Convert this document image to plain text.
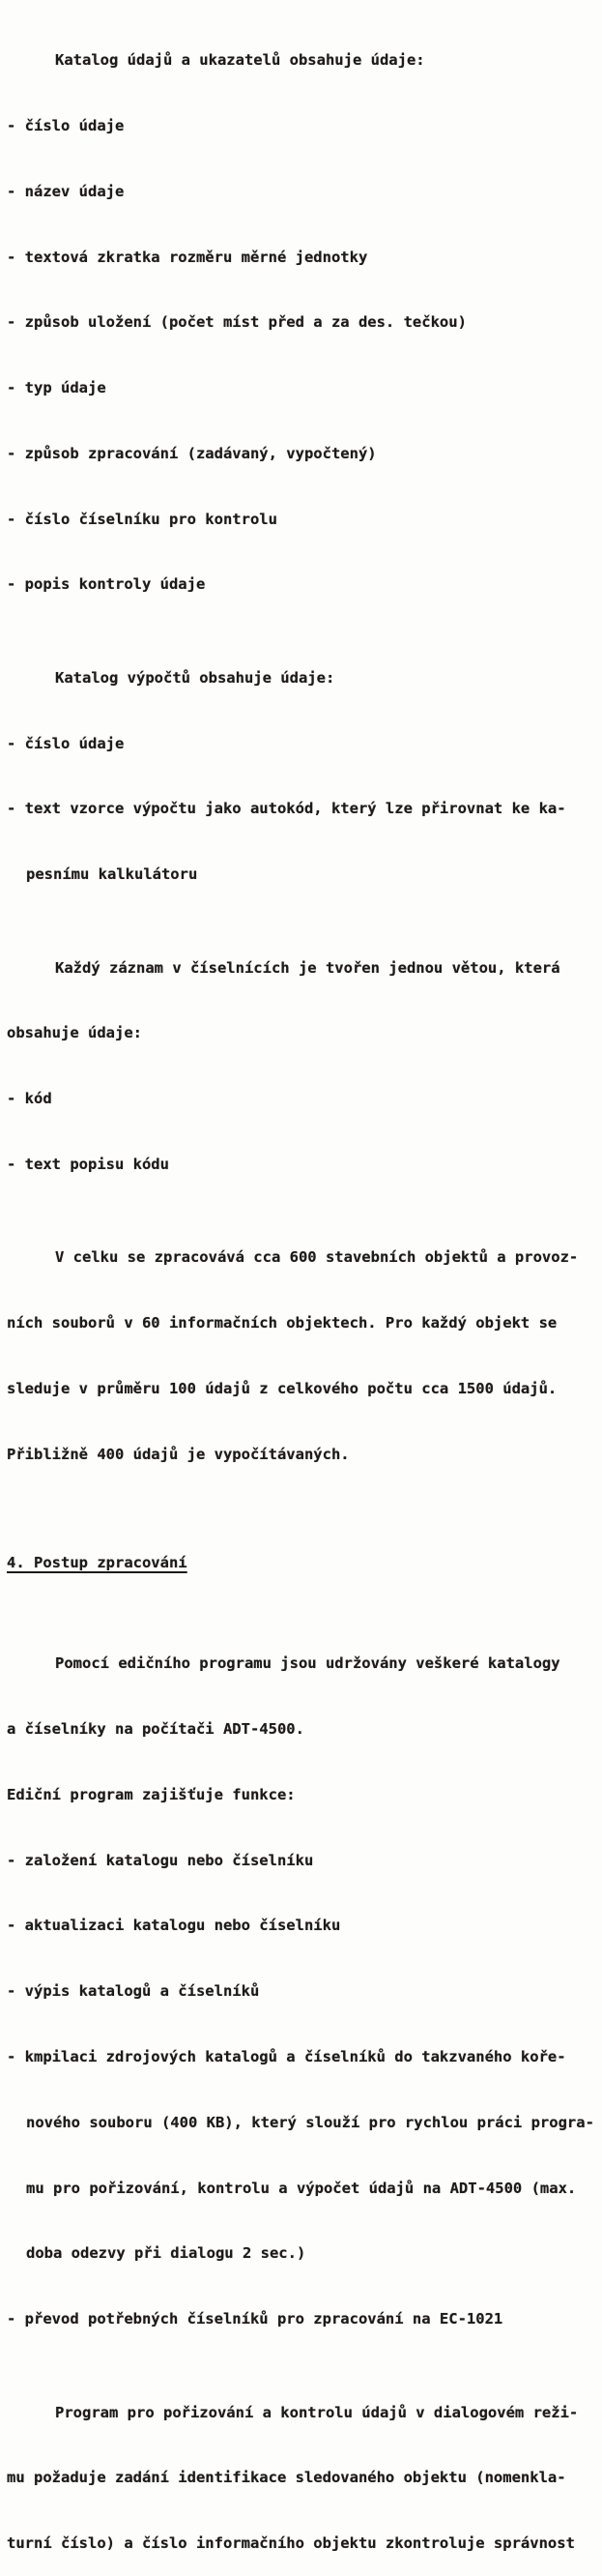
Katalog údajů a ukazatelů obsahuje údaje:

- číslo údaje

- název údaje

- textová zkratka rozměru měrné jednotky

- způsob uložení (počet míst před a za des. tečkou)

- typ údaje

- způsob zpracování (zadávaný, vypočtený)

- číslo číselníku pro kontrolu

- popis kontroly údaje

Katalog výpočtů obsahuje údaje:

- číslo údaje

- text vzorce výpočtu jako autokód, který lze přirovnat ke ka-

pesnímu kalkulátoru

Každý záznam v číselnících je tvořen jednou větou, která

obsahuje údaje:

- kód

- text popisu kódu

V celku se zpracovává cca 600 stavebních objektů a provoz-

ních souborů v 60 informačních objektech. Pro každý objekt se

sleduje v průměru 100 údajů z celkového počtu cca 1500 údajů.

Přibližně 400 údajů je vypočítávaných.

4. Postup zpracování

Pomocí edičního programu jsou udržovány veškeré katalogy

a číselníky na počítači ADT-4500.

Ediční program zajišťuje funkce:

- založení katalogu nebo číselníku

- aktualizaci katalogu nebo číselníku

- výpis katalogů a číselníků

- kmpilaci zdrojových katalogů a číselníků do takzvaného koře-

nového souboru (400 KB), který slouží pro rychlou práci progra-

mu pro pořizování, kontrolu a výpočet údajů na ADT-4500 (max.

doba odezvy při dialogu 2 sec.)

- převod potřebných číselníků pro zpracování na EC-1021

Program pro pořizování a kontrolu údajů v dialogovém reži-

mu požaduje zadání identifikace sledovaného objektu (nomenkla-

turní číslo) a číslo informačního objektu zkontroluje správnost
